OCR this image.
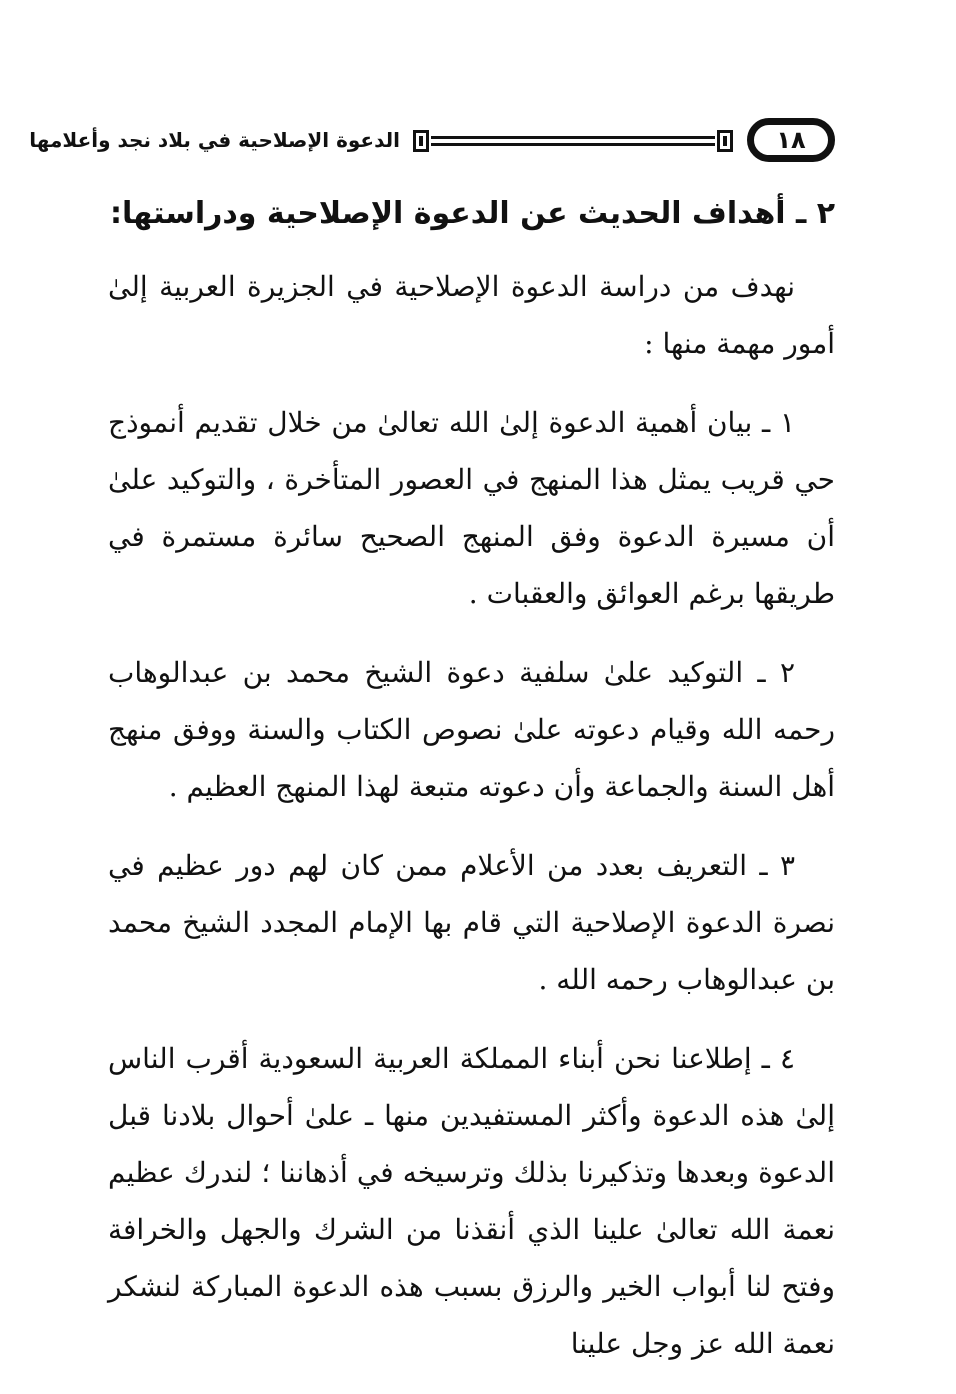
١٨
الدعوة الإصلاحية في بلاد نجد وأعلامها
٢ ـ أهداف الحديث عن الدعوة الإصلاحية ودراستها:

نهدف من دراسة الدعوة الإصلاحية في الجزيرة العربية إلىٰ أمور مهمة منها :

١ ـ بيان أهمية الدعوة إلىٰ الله تعالىٰ من خلال تقديم أنموذج حي قريب يمثل هذا المنهج في العصور المتأخرة ، والتوكيد علىٰ أن مسيرة الدعوة وفق المنهج الصحيح سائرة مستمرة في طريقها برغم العوائق والعقبات .

٢ ـ التوكيد علىٰ سلفية دعوة الشيخ محمد بن عبدالوهاب رحمه الله وقيام دعوته علىٰ نصوص الكتاب والسنة ووفق منهج أهل السنة والجماعة وأن دعوته متبعة لهذا المنهج العظيم .

٣ ـ التعريف بعدد من الأعلام ممن كان لهم دور عظيم في نصرة الدعوة الإصلاحية التي قام بها الإمام المجدد الشيخ محمد بن عبدالوهاب رحمه الله .

٤ ـ إطلاعنا نحن أبناء المملكة العربية السعودية أقرب الناس إلىٰ هذه الدعوة وأكثر المستفيدين منها ـ علىٰ أحوال بلادنا قبل الدعوة وبعدها وتذكيرنا بذلك وترسيخه في أذهاننا ؛ لندرك عظيم نعمة الله تعالىٰ علينا الذي أنقذنا من الشرك والجهل والخرافة وفتح لنا أبواب الخير والرزق بسبب هذه الدعوة المباركة لنشكر نعمة الله عز وجل علينا
